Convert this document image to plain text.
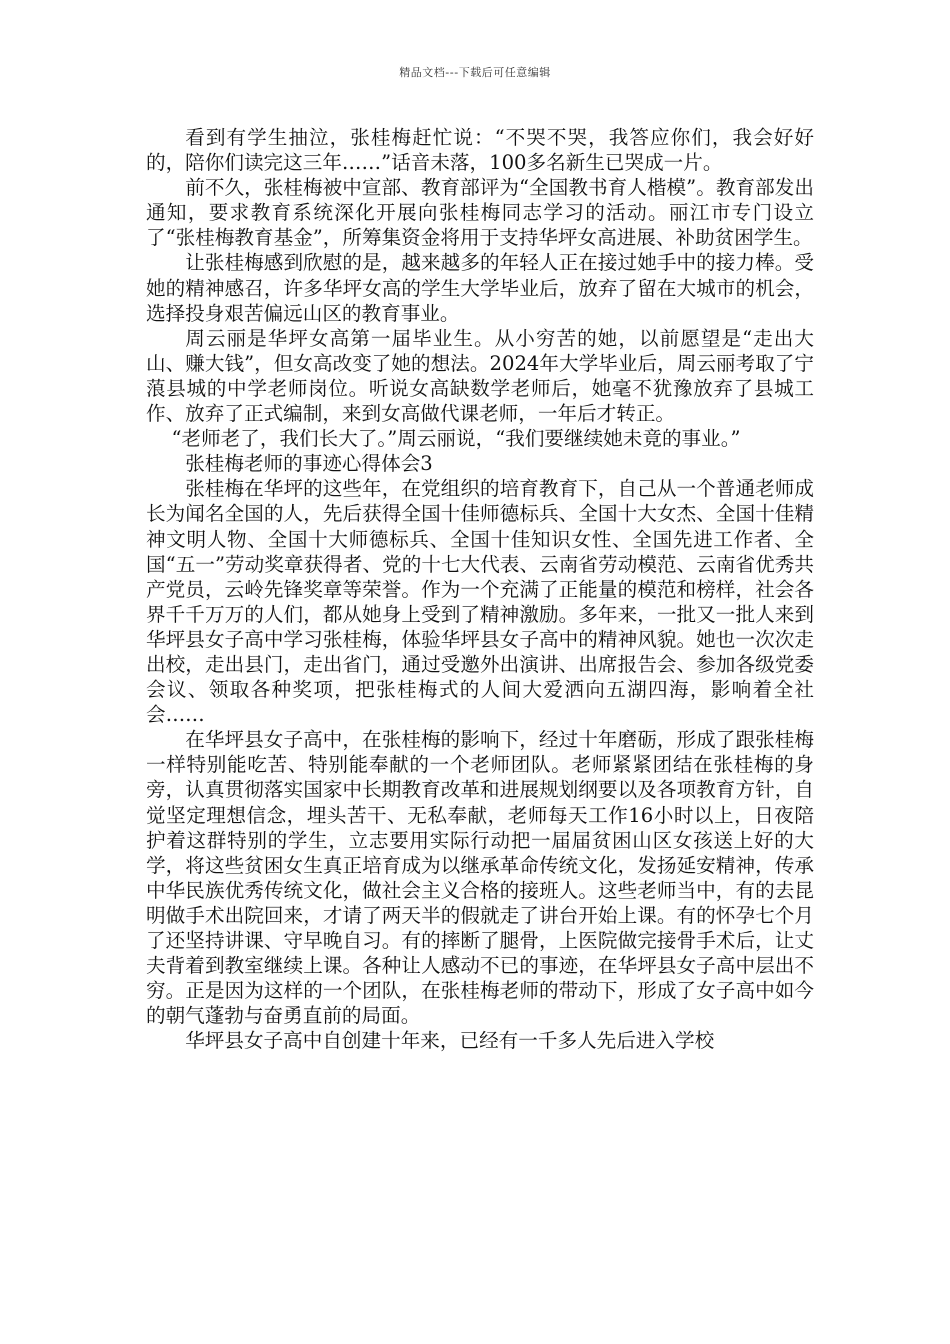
精品文档---下载后可任意编辑

看到有学生抽泣，张桂梅赶忙说：“不哭不哭，我答应你们，我会好好的，陪你们读完这三年……”话音未落，100多名新生已哭成一片。

前不久，张桂梅被中宣部、教育部评为“全国教书育人楷模”。教育部发出通知，要求教育系统深化开展向张桂梅同志学习的活动。丽江市专门设立了“张桂梅教育基金”，所筹集资金将用于支持华坪女高进展、补助贫困学生。

让张桂梅感到欣慰的是，越来越多的年轻人正在接过她手中的接力棒。受她的精神感召，许多华坪女高的学生大学毕业后，放弃了留在大城市的机会，选择投身艰苦偏远山区的教育事业。

周云丽是华坪女高第一届毕业生。从小穷苦的她，以前愿望是“走出大山、赚大钱”，但女高改变了她的想法。2024年大学毕业后，周云丽考取了宁蒗县城的中学老师岗位。听说女高缺数学老师后，她毫不犹豫放弃了县城工作、放弃了正式编制，来到女高做代课老师，一年后才转正。

“老师老了，我们长大了。”周云丽说，“我们要继续她未竟的事业。”

张桂梅老师的事迹心得体会3

张桂梅在华坪的这些年，在党组织的培育教育下，自己从一个普通老师成长为闻名全国的人，先后获得全国十佳师德标兵、全国十大女杰、全国十佳精神文明人物、全国十大师德标兵、全国十佳知识女性、全国先进工作者、全国“五一”劳动奖章获得者、党的十七大代表、云南省劳动模范、云南省优秀共产党员，云岭先锋奖章等荣誉。作为一个充满了正能量的模范和榜样，社会各界千千万万的人们，都从她身上受到了精神激励。多年来，一批又一批人来到华坪县女子高中学习张桂梅，体验华坪县女子高中的精神风貌。她也一次次走出校，走出县门，走出省门，通过受邀外出演讲、出席报告会、参加各级党委会议、领取各种奖项，把张桂梅式的人间大爱洒向五湖四海，影响着全社会……

在华坪县女子高中，在张桂梅的影响下，经过十年磨砺，形成了跟张桂梅一样特别能吃苦、特别能奉献的一个老师团队。老师紧紧团结在张桂梅的身旁，认真贯彻落实国家中长期教育改革和进展规划纲要以及各项教育方针，自觉坚定理想信念，埋头苦干、无私奉献，老师每天工作16小时以上，日夜陪护着这群特别的学生，立志要用实际行动把一届届贫困山区女孩送上好的大学，将这些贫困女生真正培育成为以继承革命传统文化，发扬延安精神，传承中华民族优秀传统文化，做社会主义合格的接班人。这些老师当中，有的去昆明做手术出院回来，才请了两天半的假就走了讲台开始上课。有的怀孕七个月了还坚持讲课、守早晚自习。有的摔断了腿骨，上医院做完接骨手术后，让丈夫背着到教室继续上课。各种让人感动不已的事迹，在华坪县女子高中层出不穷。正是因为这样的一个团队，在张桂梅老师的带动下，形成了女子高中如今的朝气蓬勃与奋勇直前的局面。

华坪县女子高中自创建十年来，已经有一千多人先后进入学校
